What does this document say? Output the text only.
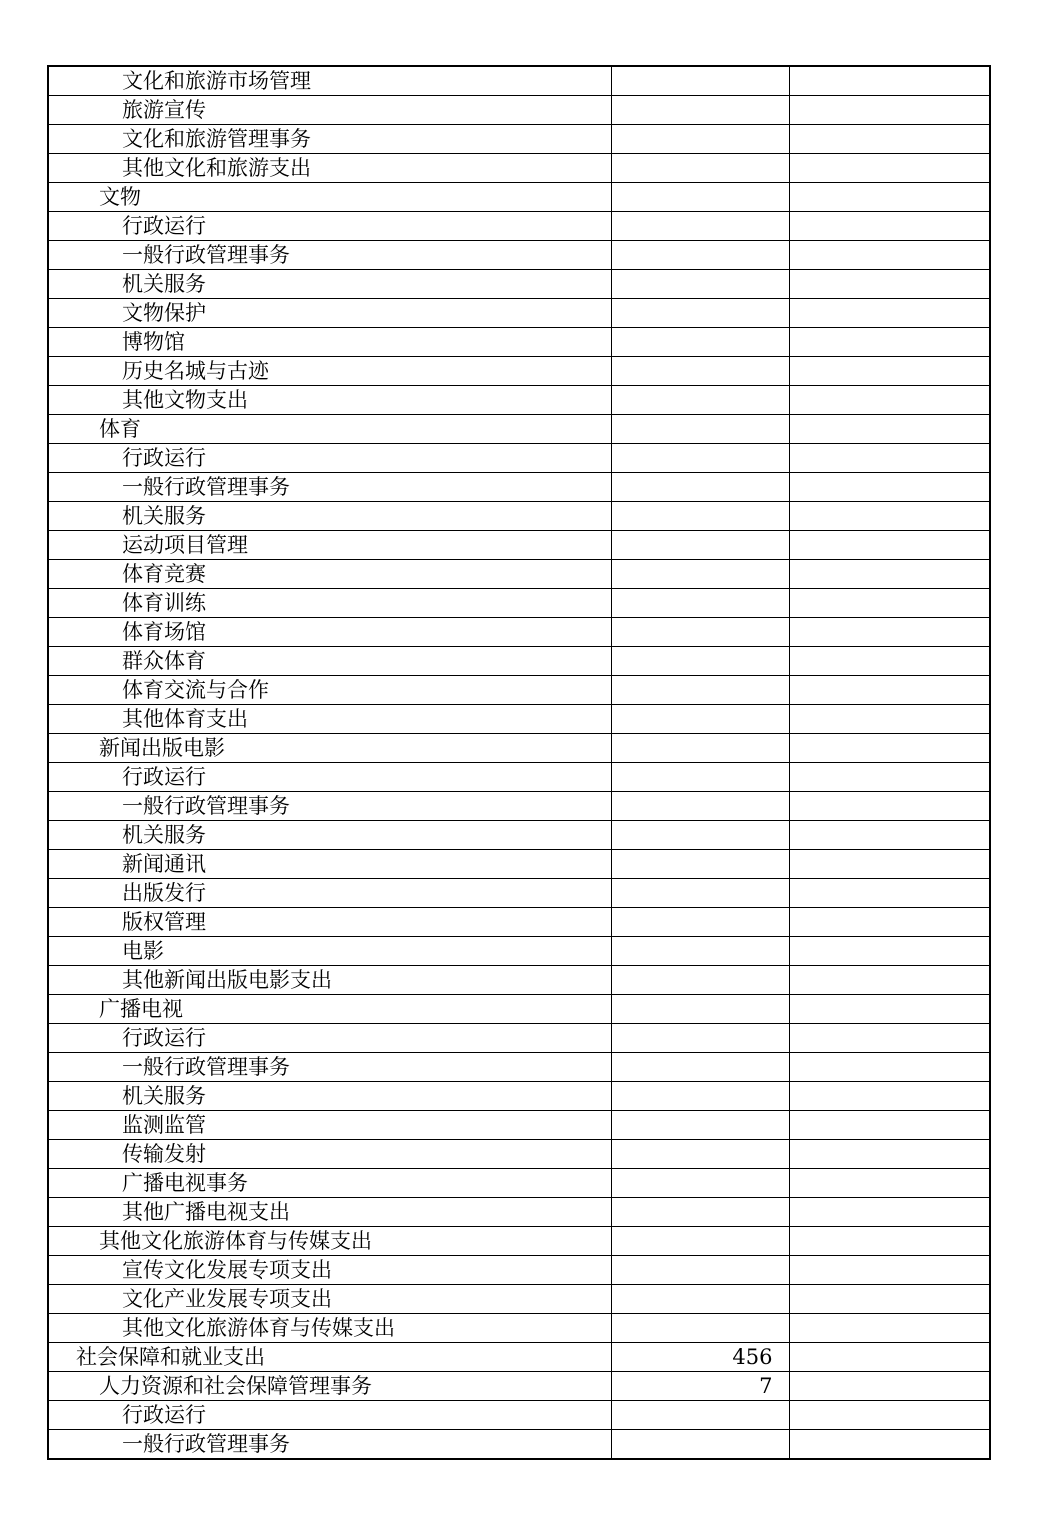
文化和旅游市场管理		
旅游宣传		
文化和旅游管理事务		
其他文化和旅游支出		
文物		
行政运行		
一般行政管理事务		
机关服务		
文物保护		
博物馆		
历史名城与古迹		
其他文物支出		
体育		
行政运行		
一般行政管理事务		
机关服务		
运动项目管理		
体育竞赛		
体育训练		
体育场馆		
群众体育		
体育交流与合作		
其他体育支出		
新闻出版电影		
行政运行		
一般行政管理事务		
机关服务		
新闻通讯		
出版发行		
版权管理		
电影		
其他新闻出版电影支出		
广播电视		
行政运行		
一般行政管理事务		
机关服务		
监测监管		
传输发射		
广播电视事务		
其他广播电视支出		
其他文化旅游体育与传媒支出		
宣传文化发展专项支出		
文化产业发展专项支出		
其他文化旅游体育与传媒支出		
社会保障和就业支出	456	
人力资源和社会保障管理事务	7	
行政运行		
一般行政管理事务		
